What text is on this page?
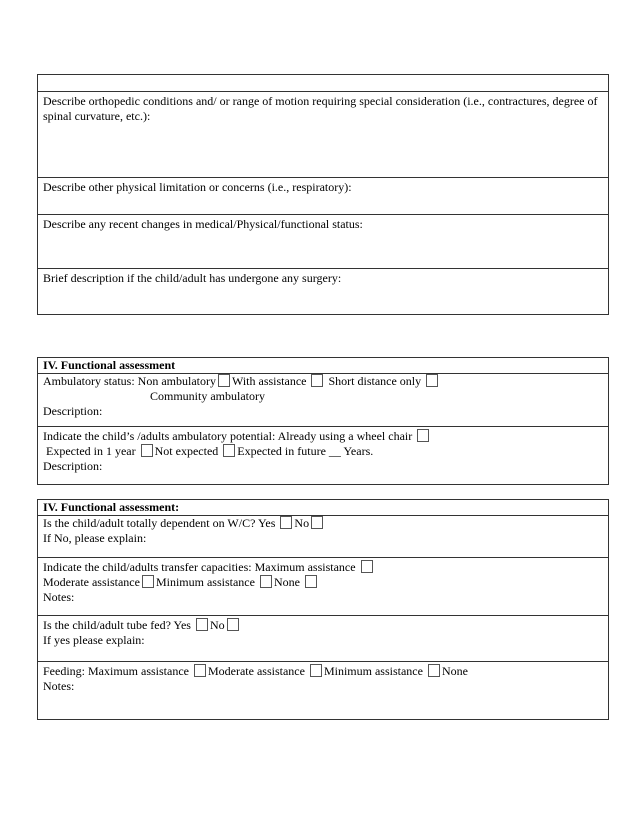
Describe orthopedic conditions and/ or range of motion requiring special consideration (i.e., contractures, degree of spinal curvature, etc.):
Describe other physical limitation or concerns (i.e., respiratory):
Describe any recent changes in medical/Physical/functional status:
Brief description if the child/adult has undergone any surgery:
IV. Functional assessment
Ambulatory status: Non ambulatory With assistance Short distance only
Community ambulatory
Description:
Indicate the child’s /adults ambulatory potential: Already using a wheel chair
Expected in 1 year Not expected Expected in future __ Years.
Description:
IV. Functional assessment:
Is the child/adult totally dependent on W/C? Yes No
If No, please explain:
Indicate the child/adults transfer capacities: Maximum assistance
Moderate assistance Minimum assistance None
Notes:
Is the child/adult tube fed? Yes No
If yes please explain:
Feeding: Maximum assistance Moderate assistance Minimum assistance None
Notes:
